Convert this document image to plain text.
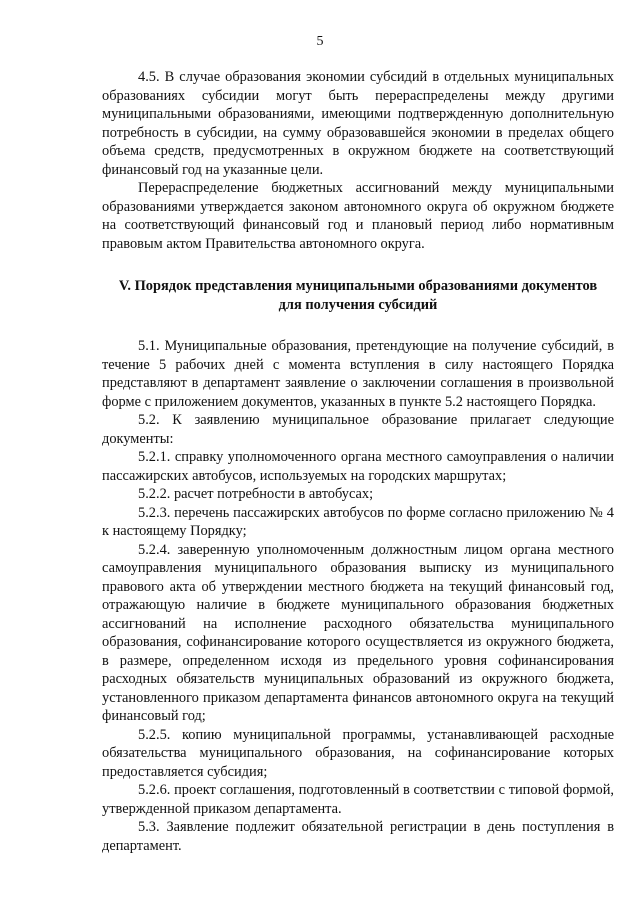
5

4.5. В случае образования экономии субсидий в отдельных муниципальных образованиях субсидии могут быть перераспределены между другими муниципальными образованиями, имеющими подтвержденную дополнительную потребность в субсидии, на сумму образовавшейся экономии в пределах общего объема средств, предусмотренных в окружном бюджете на соответствующий финансовый год на указанные цели.

Перераспределение бюджетных ассигнований между муниципальными образованиями утверждается законом автономного округа об окружном бюджете на соответствующий финансовый год и плановый период либо нормативным правовым актом Правительства автономного округа.

V. Порядок представления муниципальными образованиями документов для получения субсидий

5.1. Муниципальные образования, претендующие на получение субсидий, в течение 5 рабочих дней с момента вступления в силу настоящего Порядка представляют в департамент заявление о заключении соглашения в произвольной форме с приложением документов, указанных в пункте 5.2 настоящего Порядка.

5.2. К заявлению муниципальное образование прилагает следующие документы:

5.2.1. справку уполномоченного органа местного самоуправления о наличии пассажирских автобусов, используемых на городских маршрутах;

5.2.2. расчет потребности в автобусах;

5.2.3. перечень пассажирских автобусов по форме согласно приложению № 4 к настоящему Порядку;

5.2.4. заверенную уполномоченным должностным лицом органа местного самоуправления муниципального образования выписку из муниципального правового акта об утверждении местного бюджета на текущий финансовый год, отражающую наличие в бюджете муниципального образования бюджетных ассигнований на исполнение расходного обязательства муниципального образования, софинансирование которого осуществляется из окружного бюджета, в размере, определенном исходя из предельного уровня софинансирования расходных обязательств муниципальных образований из окружного бюджета, установленного приказом департамента финансов автономного округа на текущий финансовый год;

5.2.5. копию муниципальной программы, устанавливающей расходные обязательства муниципального образования, на софинансирование которых предоставляется субсидия;

5.2.6. проект соглашения, подготовленный в соответствии с типовой формой, утвержденной приказом департамента.

5.3. Заявление подлежит обязательной регистрации в день поступления в департамент.
